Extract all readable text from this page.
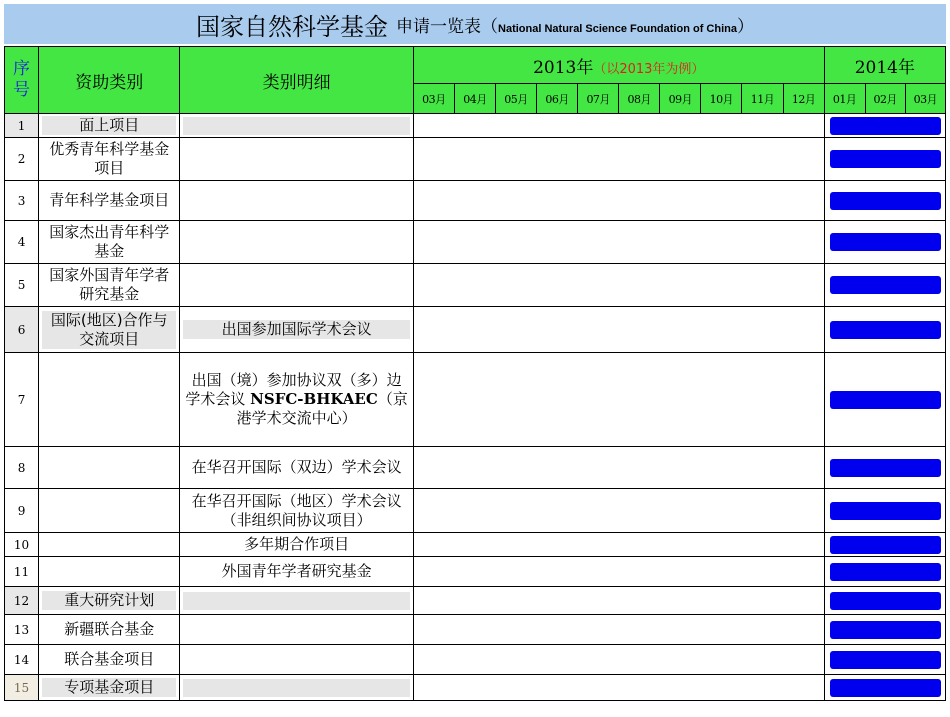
国家自然科学基金 申请一览表（National Natural Science Foundation of China）
序号	资助类别	类别明细	2013年（以2013年为例）										2014年		
			03月	04月	05月	06月	07月	08月	09月	10月	11月	12月	01月	02月	03月
1	面上项目														

2	优秀青年科学基金项目														

3	青年科学基金项目														

4	国家杰出青年科学基金														

5	国家外国青年学者研究基金														

6	国际(地区)合作与交流项目	出国参加国际学术会议													

7		出国（境）参加协议双（多）边学术会议 NSFC-BHKAEC（京港学术交流中心）													

8		在华召开国际（双边）学术会议													

9		在华召开国际（地区）学术会议（非组织间协议项目）													

10		多年期合作项目													

11		外国青年学者研究基金													

12	重大研究计划														

13	新疆联合基金														

14	联合基金项目														

15	专项基金项目														
